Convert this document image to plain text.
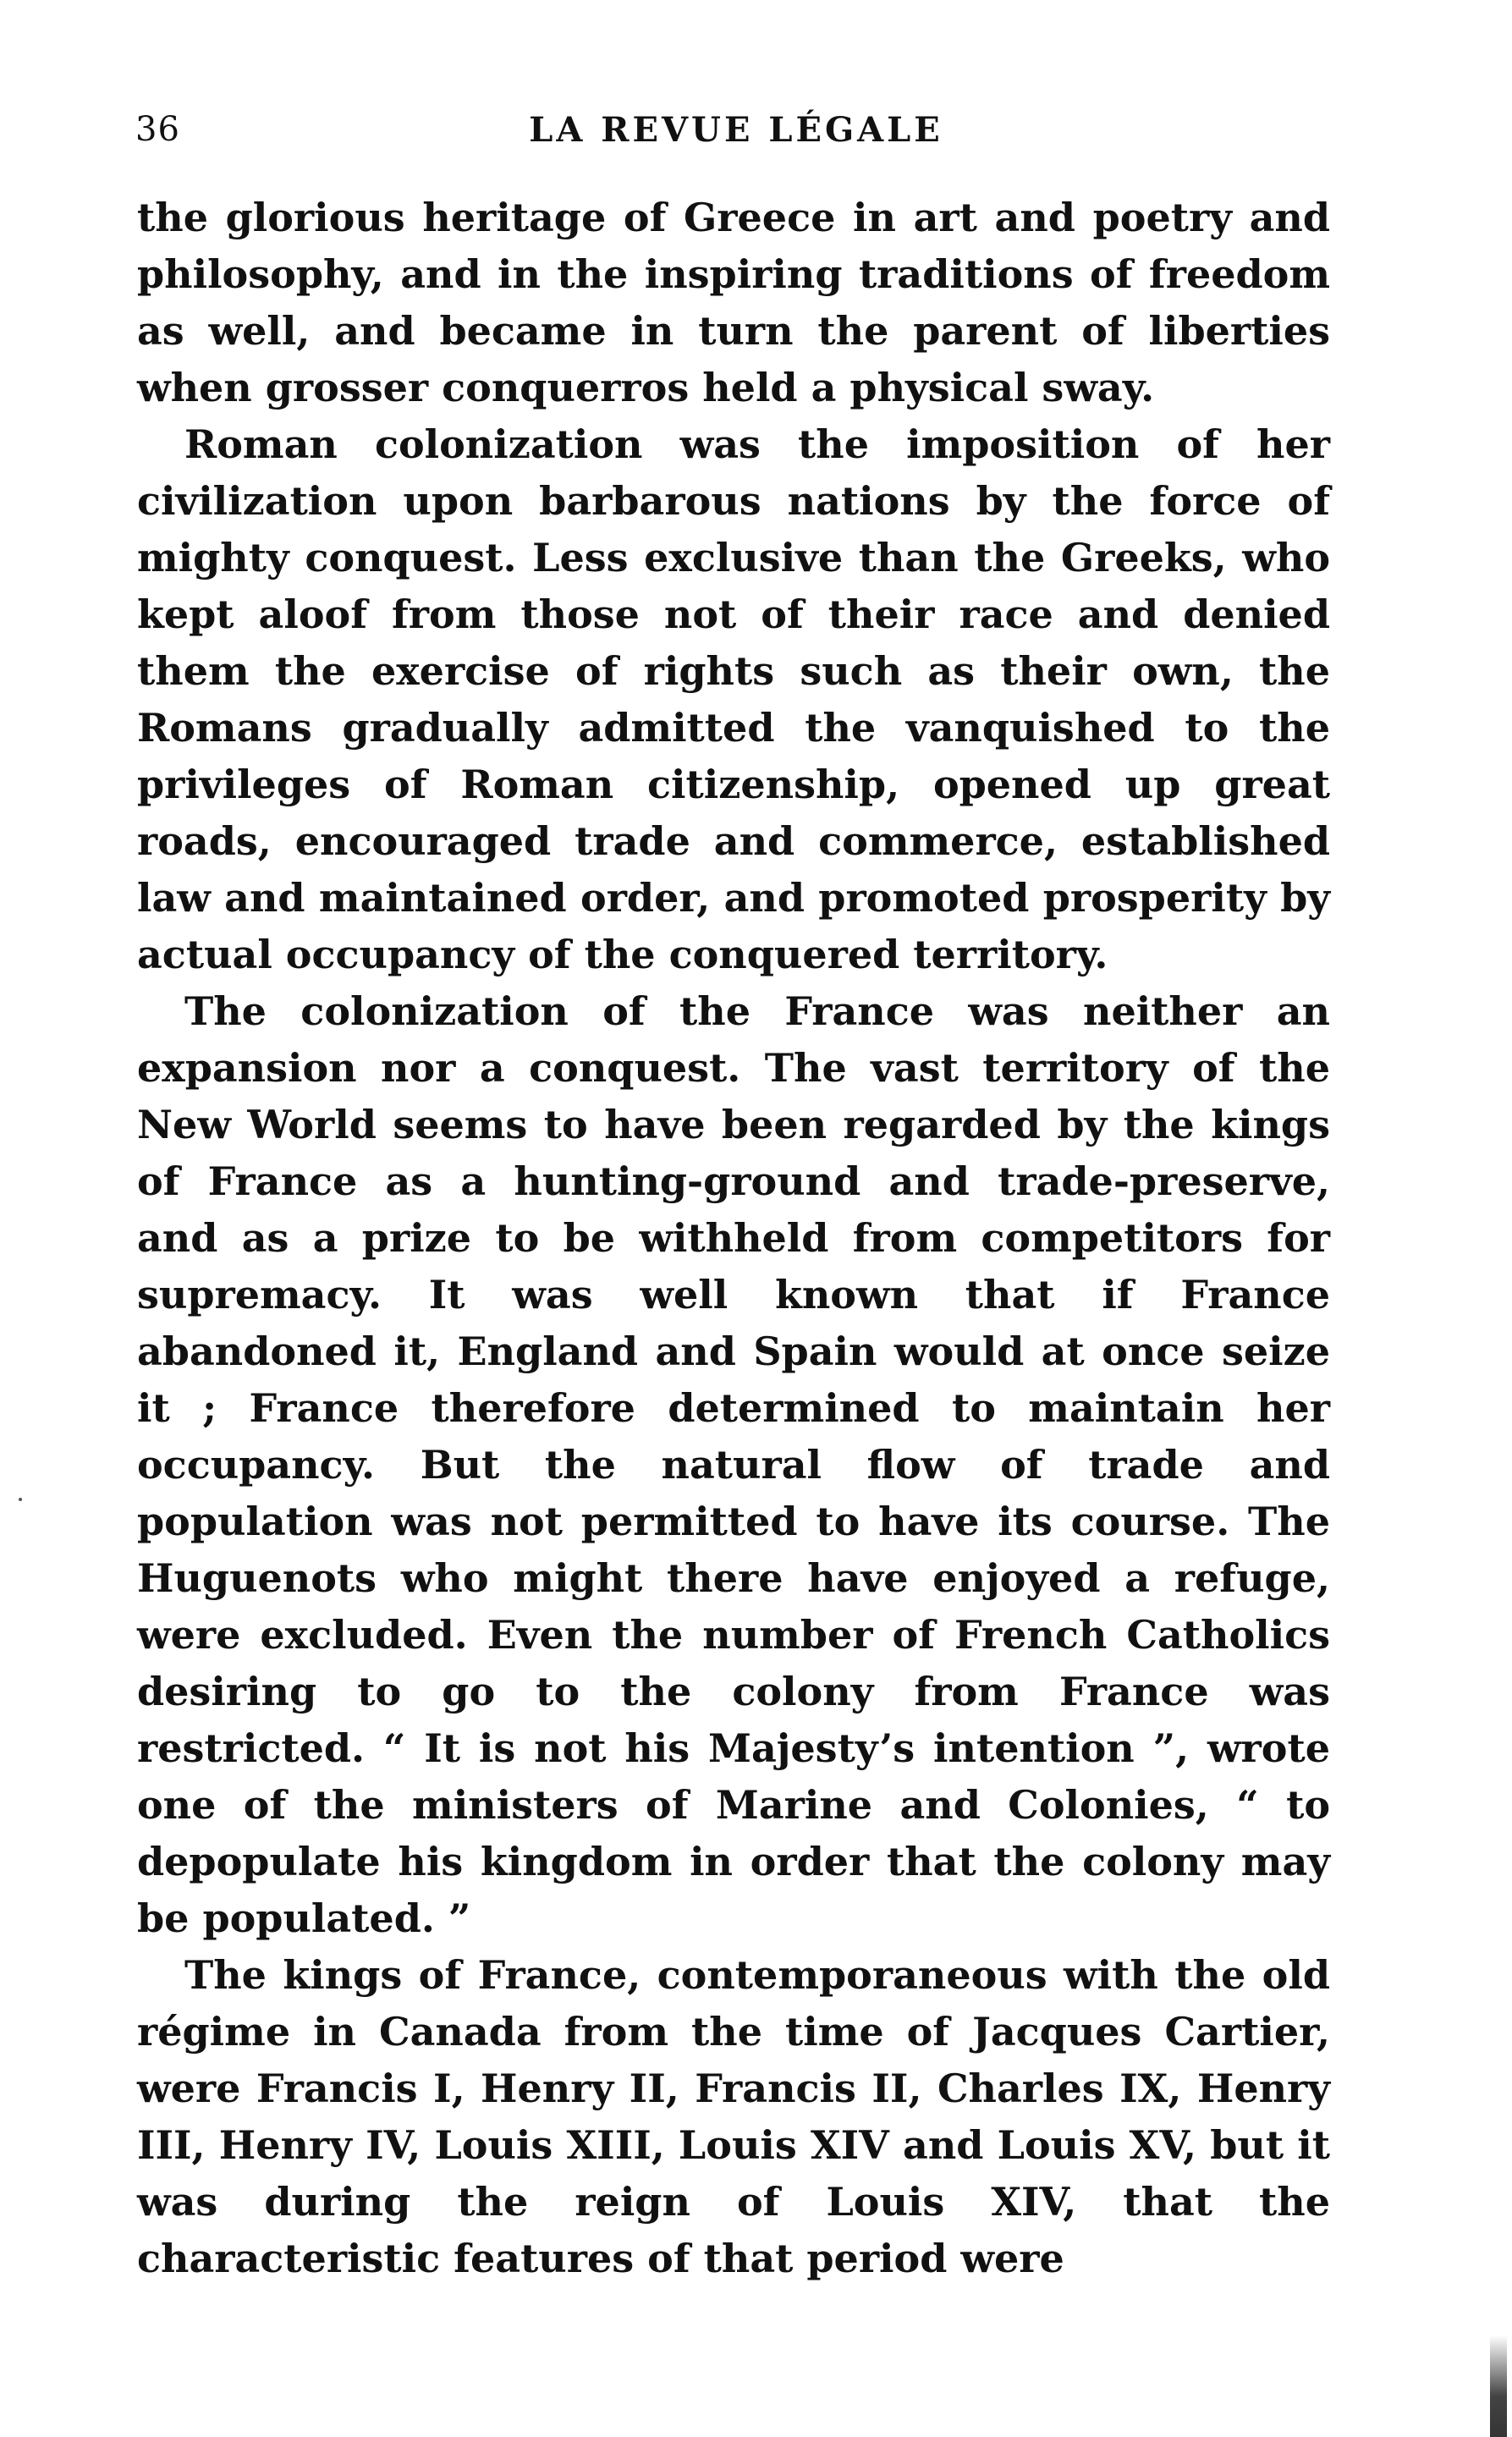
36	LA REVUE LÉGALE

the glorious heritage of Greece in art and poetry and philosophy, and in the inspiring traditions of freedom as well, and became in turn the parent of liberties when grosser conquerros held a physical sway.

Roman colonization was the imposition of her civilization upon barbarous nations by the force of mighty conquest. Less exclusive than the Greeks, who kept aloof from those not of their race and denied them the exercise of rights such as their own, the Romans gradually admitted the vanquished to the privileges of Roman citizenship, opened up great roads, encouraged trade and commerce, established law and maintained order, and promoted prosperity by actual occupancy of the conquered territory.

The colonization of the France was neither an expansion nor a conquest. The vast territory of the New World seems to have been regarded by the kings of France as a hunting-ground and trade-preserve, and as a prize to be withheld from competitors for supremacy. It was well known that if France abandoned it, England and Spain would at once seize it ; France therefore determined to maintain her occupancy. But the natural flow of trade and population was not permitted to have its course. The Huguenots who might there have enjoyed a refuge, were excluded. Even the number of French Catholics desiring to go to the colony from France was restricted. “ It is not his Majesty’s intention ”, wrote one of the ministers of Marine and Colonies, “ to depopulate his kingdom in order that the colony may be populated. ”

The kings of France, contemporaneous with the old régime in Canada from the time of Jacques Cartier, were Francis I, Henry II, Francis II, Charles IX, Henry III, Henry IV, Louis XIII, Louis XIV and Louis XV, but it was during the reign of Louis XIV, that the characteristic features of that period were
